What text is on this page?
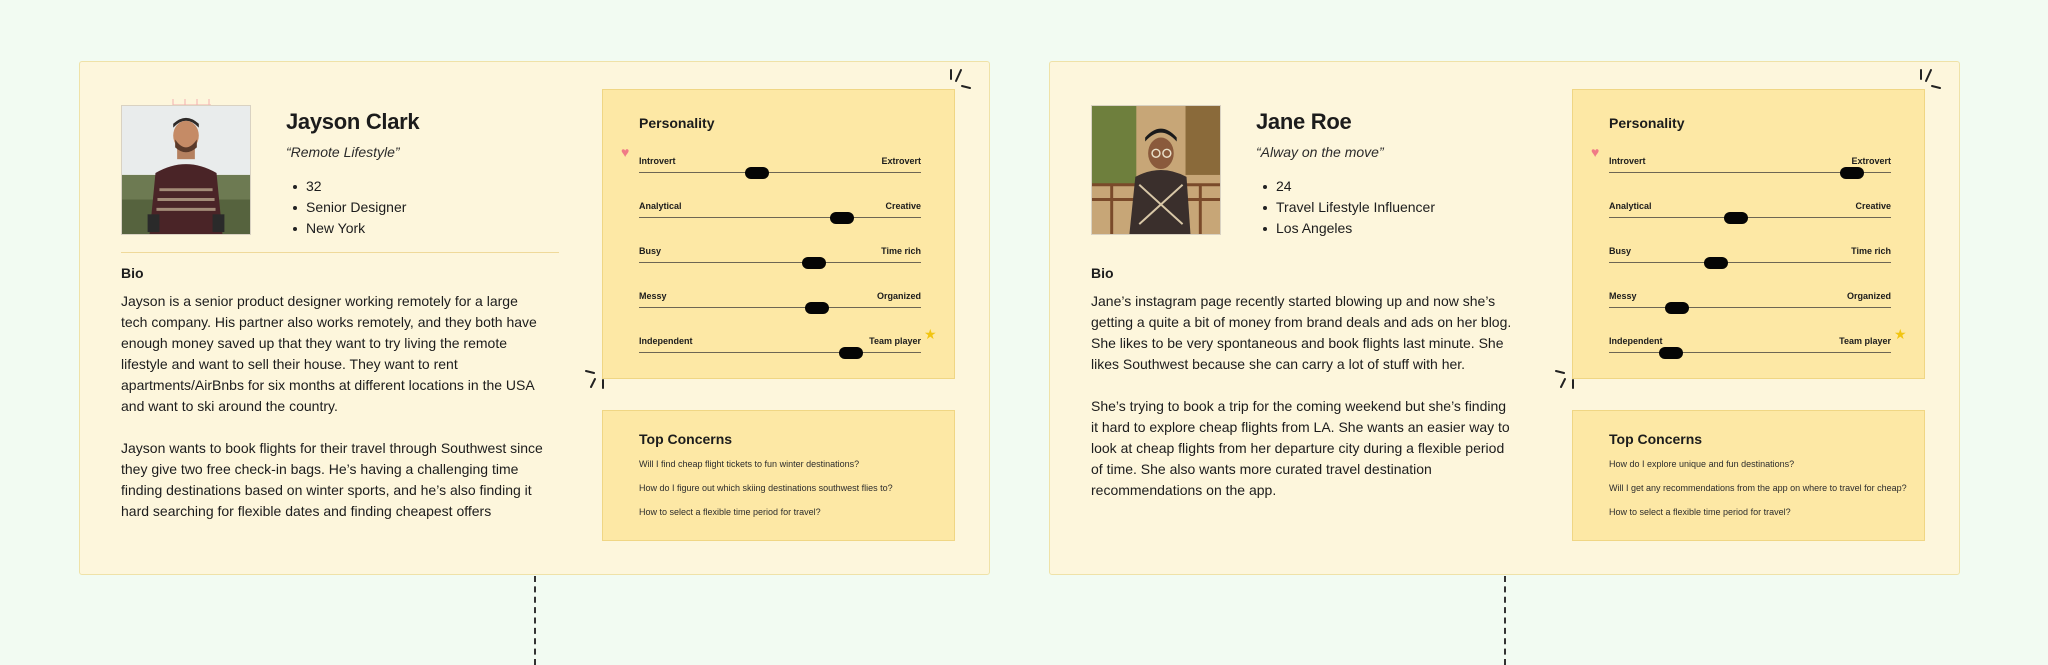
Jayson Clark
“Remote Lifestyle”
32
Senior Designer
New York
Bio

Jayson is a senior product designer working remotely for a large tech company. His partner also works remotely, and they both have enough money saved up that they want to try living the remote lifestyle and want to sell their house. They want to rent apartments/AirBnbs for six months at different locations in the USA and want to ski around the country.

Jayson wants to book flights for their travel through Southwest since they give two free check-in bags. He’s having a challenging time finding destinations based on winter sports, and he’s also finding it hard searching for flexible dates and finding cheapest offers

Personality
Introvert	Extrovert
Analytical	Creative
Busy	Time rich
Messy	Organized
Independent	Team player
Top Concerns
Will I find cheap flight tickets to fun winter destinations?
How do I figure out which skiing destinations southwest flies to?
How to select a flexible time period for travel?
♥
★
Jane Roe
“Alway on the move”
24
Travel Lifestyle Influencer
Los Angeles
Bio

Jane’s instagram page recently started blowing up and now she’s getting a quite a bit of money from brand deals and ads on her blog. She likes to be very spontaneous and book flights last minute. She likes Southwest because she can carry a lot of stuff with her.

She’s trying to book a trip for the coming weekend but she’s finding it hard to explore cheap flights from LA. She wants an easier way to look at cheap flights from her departure city during a flexible period of time. She also wants more curated travel destination recommendations on the app.

Personality
Introvert	Extrovert
Analytical	Creative
Busy	Time rich
Messy	Organized
Independent	Team player
Top Concerns
How do I explore unique and fun destinations?
Will I get any recommendations from the app on where to travel for cheap?
How to select a flexible time period for travel?
♥
★
